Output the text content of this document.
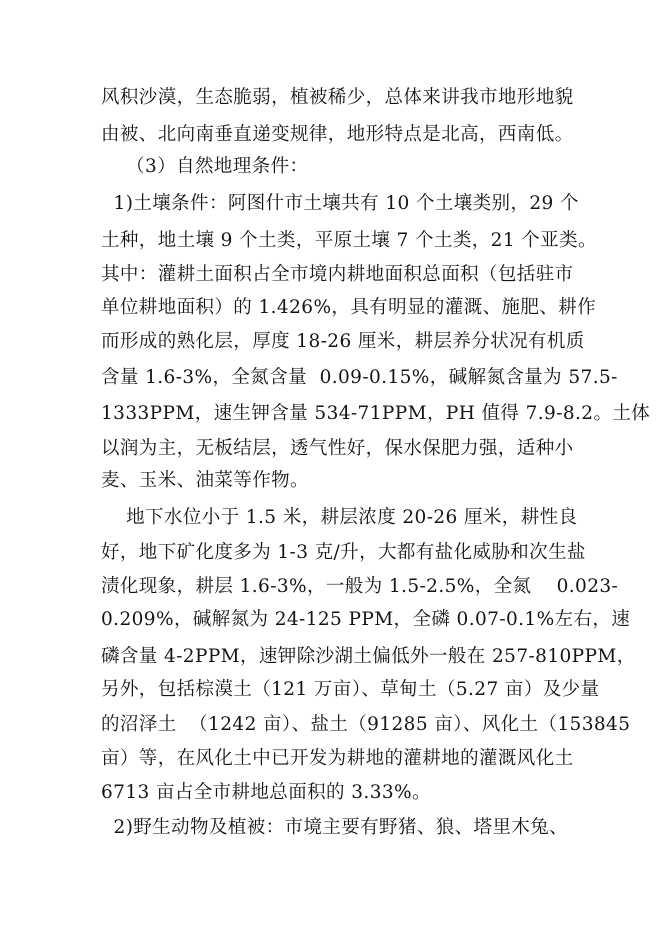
风积沙漠，生态脆弱，植被稀少，总体来讲我市地形地貌
由被、北向南垂直递变规律，地形特点是北高，西南低。
（3）自然地理条件：
1)土壤条件：阿图什市土壤共有 10 个土壤类别，29 个
土种，地土壤 9 个土类，平原土壤 7 个土类，21 个亚类。
其中：灌耕土面积占全市境内耕地面积总面积（包括驻市
单位耕地面积）的 1.426%，具有明显的灌溉、施肥、耕作
而形成的熟化层，厚度 18-26 厘米，耕层养分状况有机质
含量 1.6-3%，全氮含量  0.09-0.15%，碱解氮含量为 57.5-
1333PPM，速生钾含量 534-71PPM，PH 值得 7.9-8.2。土体
以润为主，无板结层，透气性好，保水保肥力强，适种小
麦、玉米、油菜等作物。
地下水位小于 1.5 米，耕层浓度 20-26 厘米，耕性良
好，地下矿化度多为 1-3 克/升，大都有盐化威胁和次生盐
渍化现象，耕层 1.6-3%，一般为 1.5-2.5%，全氮    0.023-
0.209%，碱解氮为 24-125 PPM，全磷 0.07-0.1%左右，速
磷含量 4-2PPM，速钾除沙湖土偏低外一般在 257-810PPM，
另外，包括棕漠土（121 万亩）、草甸土（5.27 亩）及少量
的沼泽土  （1242 亩）、盐土（91285 亩）、风化土（153845
亩）等，在风化土中已开发为耕地的灌耕地的灌溉风化土
6713 亩占全市耕地总面积的 3.33%。
2)野生动物及植被：市境主要有野猪、狼、塔里木兔、
